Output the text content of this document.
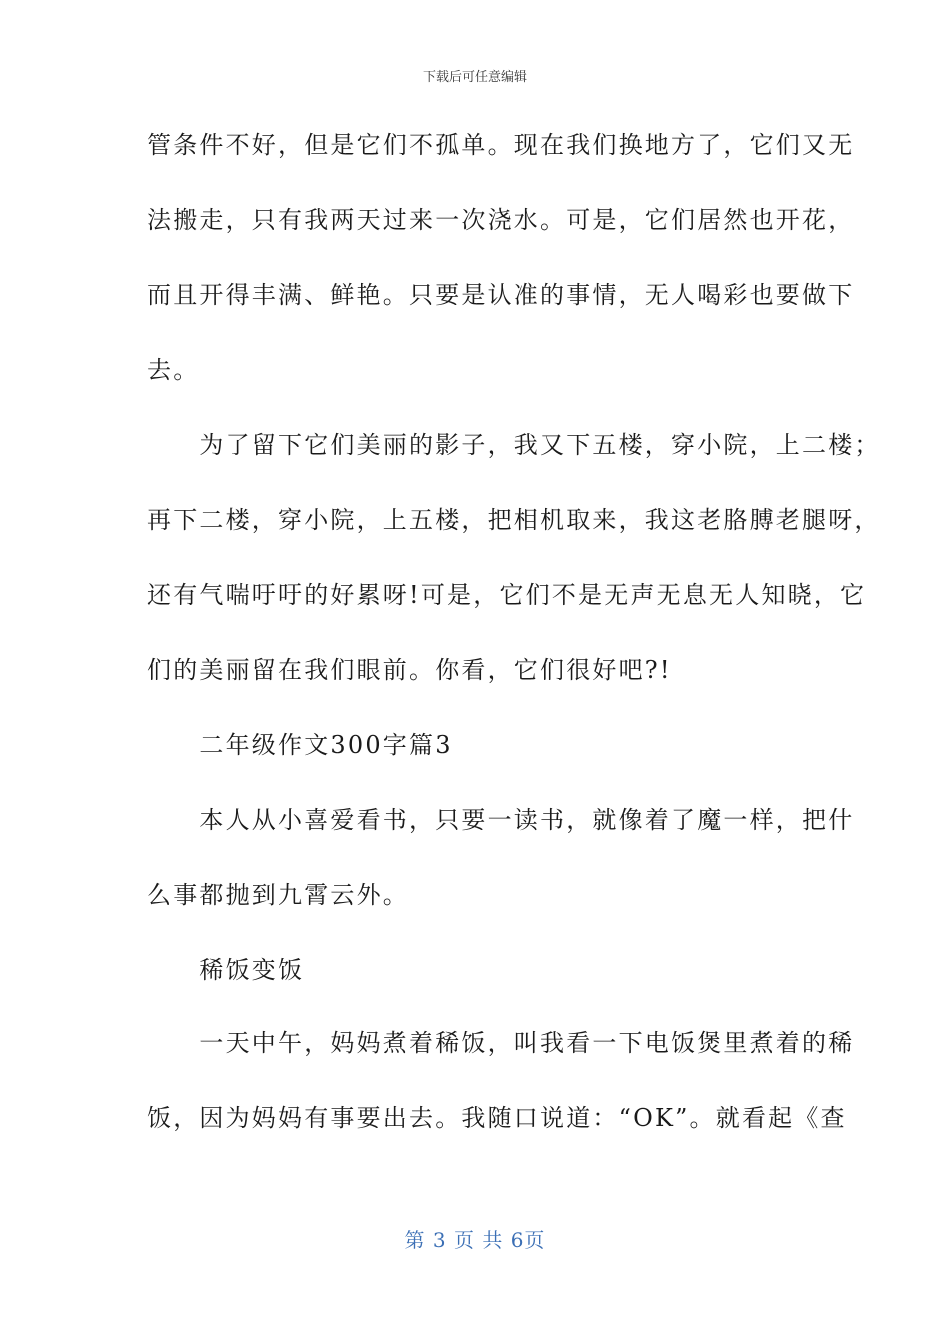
下载后可任意编辑
管条件不好，但是它们不孤单。现在我们换地方了，它们又无
法搬走，只有我两天过来一次浇水。可是，它们居然也开花，
而且开得丰满、鲜艳。只要是认准的事情，无人喝彩也要做下
去。
　　为了留下它们美丽的影子，我又下五楼，穿小院，上二楼；
再下二楼，穿小院，上五楼，把相机取来，我这老胳膊老腿呀，
还有气喘吁吁的好累呀!可是，它们不是无声无息无人知晓，它
们的美丽留在我们眼前。你看，它们很好吧?!
　　二年级作文300字篇3
　　本人从小喜爱看书，只要一读书，就像着了魔一样，把什
么事都抛到九霄云外。
　　稀饭变饭
　　一天中午，妈妈煮着稀饭，叫我看一下电饭煲里煮着的稀
饭，因为妈妈有事要出去。我随口说道：“OK”。就看起《查
第 3 页 共 6页
